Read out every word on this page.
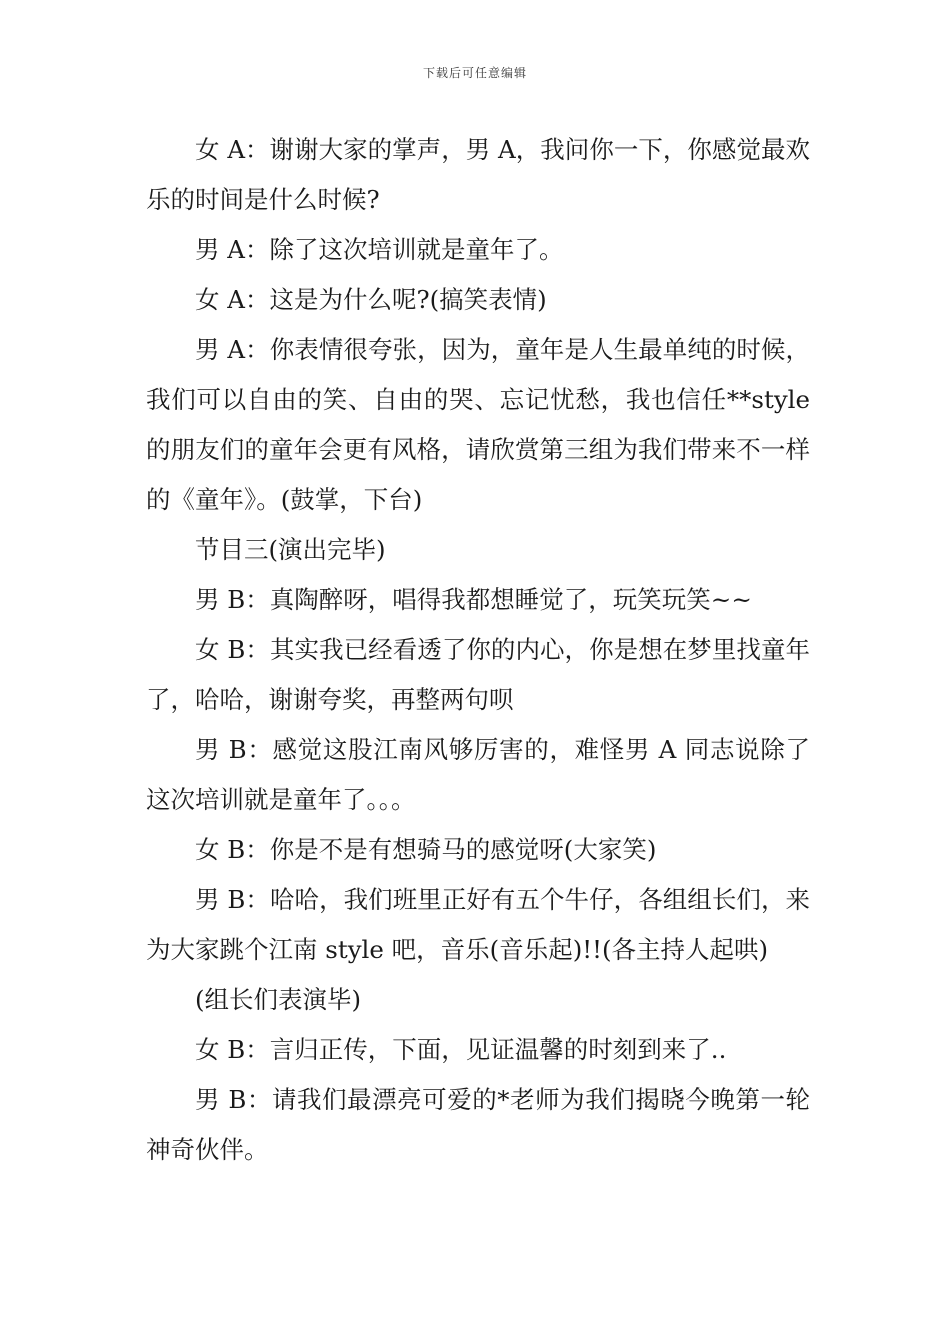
下载后可任意编辑

女 A：谢谢大家的掌声，男 A，我问你一下，你感觉最欢乐的时间是什么时候?

男 A：除了这次培训就是童年了。

女 A：这是为什么呢?(搞笑表情)

男 A：你表情很夸张，因为，童年是人生最单纯的时候，我们可以自由的笑、自由的哭、忘记忧愁，我也信任**style 的朋友们的童年会更有风格，请欣赏第三组为我们带来不一样的《童年》。(鼓掌，下台)

节目三(演出完毕)

男 B：真陶醉呀，唱得我都想睡觉了，玩笑玩笑~~

女 B：其实我已经看透了你的内心，你是想在梦里找童年了，哈哈，谢谢夸奖，再整两句呗

男 B：感觉这股江南风够厉害的，难怪男 A 同志说除了这次培训就是童年了。。。

女 B：你是不是有想骑马的感觉呀(大家笑)

男 B：哈哈，我们班里正好有五个牛仔，各组组长们，来为大家跳个江南 style 吧，音乐(音乐起)!!(各主持人起哄)

(组长们表演毕)

女 B：言归正传，下面，见证温馨的时刻到来了..

男 B：请我们最漂亮可爱的*老师为我们揭晓今晚第一轮神奇伙伴。
